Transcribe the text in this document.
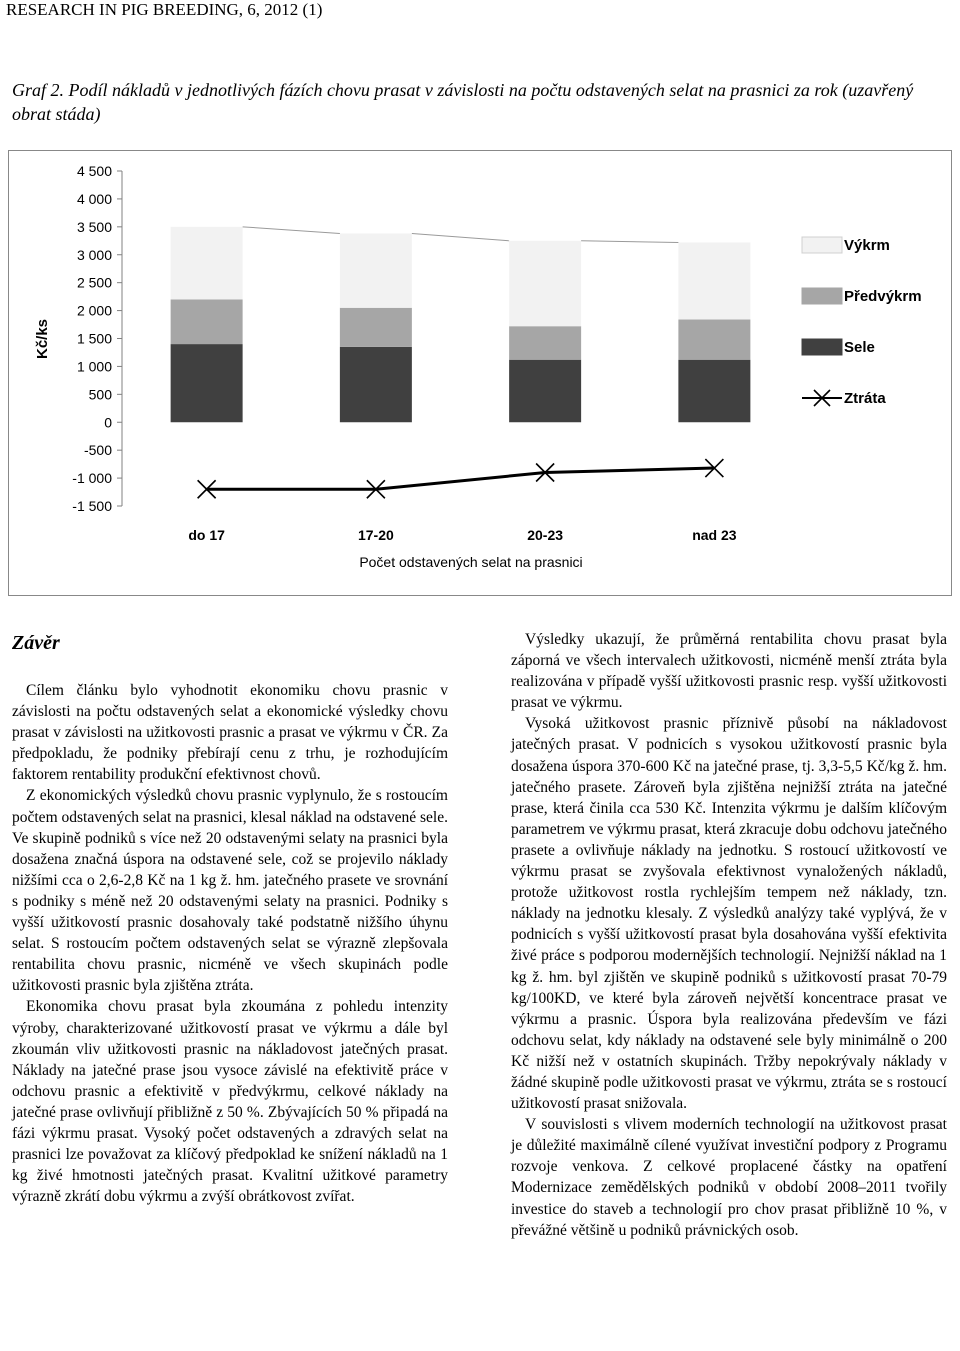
RESEARCH IN PIG BREEDING, 6, 2012 (1)
Graf 2. Podíl nákladů v jednotlivých fázích chovu prasat v závislosti na počtu odstavených selat na prasnici za rok (uzavřený obrat stáda)
Kč/ks
Počet odstavených selat na prasnici
4 500
4 000
3 500
3 000
2 500
2 000
1 500
1 000
500
0
-500
-1 000
-1 500
do 17	17-20	20-23	nad 23
Výkrm
Předvýkrm
Sele
Ztráta
Závěr

Cílem článku bylo vyhodnotit ekonomiku chovu prasnic v závislosti na počtu odstavených selat a ekonomické výsledky chovu prasat v závislosti na užitkovosti prasnic a prasat ve výkrmu v ČR. Za předpokladu, že podniky přebírají cenu z trhu, je rozhodujícím faktorem rentability produkční efektivnost chovů.

Z ekonomických výsledků chovu prasnic vyplynulo, že s rostoucím počtem odstavených selat na prasnici, klesal náklad na odstavené sele. Ve skupině podniků s více než 20 odstavenými selaty na prasnici byla dosažena značná úspora na odstavené sele, což se projevilo náklady nižšími cca o 2,6-2,8 Kč na 1 kg ž. hm. jatečného prasete ve srovnání s podniky s méně než 20 odstavenými selaty na prasnici. Podniky s vyšší užitkovostí prasnic dosahovaly také podstatně nižšího úhynu selat. S rostoucím počtem odstavených selat se výrazně zlepšovala rentabilita chovu prasnic, nicméně ve všech skupinách podle užitkovosti prasnic byla zjištěna ztráta.

Ekonomika chovu prasat byla zkoumána z pohledu intenzity výroby, charakterizované užitkovostí prasat ve výkrmu a dále byl zkoumán vliv užitkovosti prasnic na nákladovost jatečných prasat. Náklady na jatečné prase jsou vysoce závislé na efektivitě práce v odchovu prasnic a efektivitě v předvýkrmu, celkové náklady na jatečné prase ovlivňují přibližně z 50 %. Zbývajících 50 % připadá na fázi výkrmu prasat. Vysoký počet odstavených a zdravých selat na prasnici lze považovat za klíčový předpoklad ke snížení nákladů na 1 kg živé hmotnosti jatečných prasat. Kvalitní užitkové parametry výrazně zkrátí dobu výkrmu a zvýší obrátkovost zvířat.

Výsledky ukazují, že průměrná rentabilita chovu prasat byla záporná ve všech intervalech užitkovosti, nicméně menší ztráta byla realizována v případě vyšší užitkovosti prasnic resp. vyšší užitkovosti prasat ve výkrmu.

Vysoká užitkovost prasnic příznivě působí na nákladovost jatečných prasat. V podnicích s vysokou užitkovostí prasnic byla dosažena úspora 370-600 Kč na jatečné prase, tj. 3,3-5,5 Kč/kg ž. hm. jatečného prasete. Zároveň byla zjištěna nejnižší ztráta na jatečné prase, která činila cca 530 Kč. Intenzita výkrmu je dalším klíčovým parametrem ve výkrmu prasat, která zkracuje dobu odchovu jatečného prasete a ovlivňuje náklady na jednotku. S rostoucí užitkovostí ve výkrmu prasat se zvyšovala efektivnost vynaložených nákladů, protože užitkovost rostla rychlejším tempem než náklady, tzn. náklady na jednotku klesaly. Z výsledků analýzy také vyplývá, že v podnicích s vyšší užitkovostí prasat byla dosahována vyšší efektivita živé práce s podporou modernějších technologií. Nejnižší náklad na 1 kg ž. hm. byl zjištěn ve skupině podniků s užitkovostí prasat 70-79 kg/100KD, ve které byla zároveň největší koncentrace prasat ve výkrmu a prasnic. Úspora byla realizována především ve fázi odchovu selat, kdy náklady na odstavené sele byly minimálně o 200 Kč nižší než v ostatních skupinách. Tržby nepokrývaly náklady v žádné skupině podle užitkovosti prasat ve výkrmu, ztráta se s rostoucí užitkovostí prasat snižovala.

V souvislosti s vlivem moderních technologií na užitkovost prasat je důležité maximálně cílené využívat investiční podpory z Programu rozvoje venkova. Z celkové proplacené částky na opatření Modernizace zemědělských podniků v období 2008–2011 tvořily investice do staveb a technologií pro chov prasat přibližně 10 %, v převážné většině u podniků právnických osob.
